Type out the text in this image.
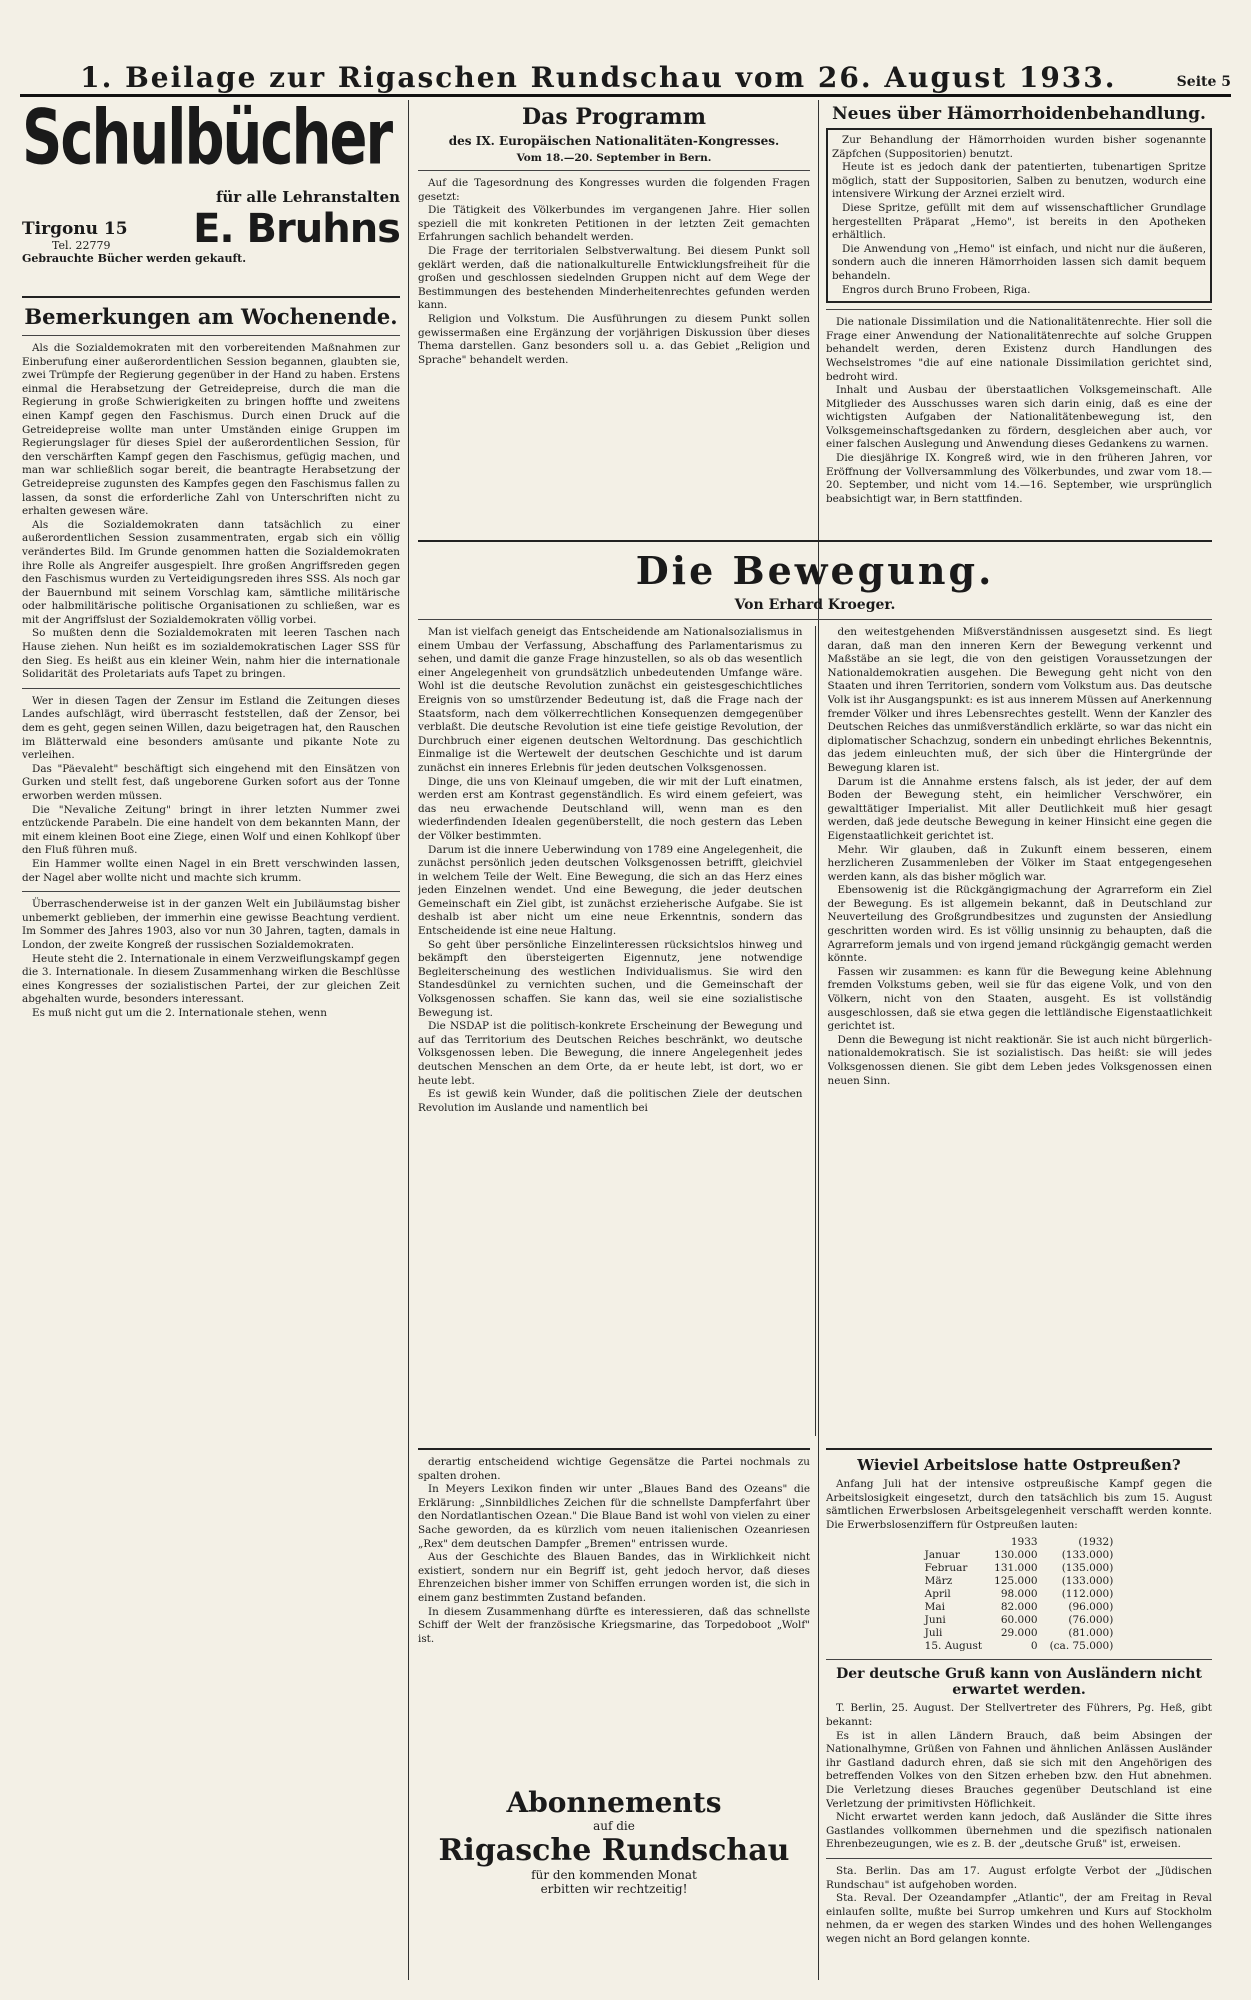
1. Beilage zur Rigaschen Rundschau vom 26. August 1933.	Seite 5
Schulbücher
für alle Lehranstalten
Tirgonu 15
Tel. 22779	E. Bruhns
Gebrauchte Bücher werden gekauft.
Bemerkungen am Wochenende.

Als die Sozialdemokraten mit den vorbereitenden Maßnahmen zur Einberufung einer außerordentlichen Session begannen, glaubten sie, zwei Trümpfe der Regierung gegenüber in der Hand zu haben. Erstens einmal die Herabsetzung der Getreidepreise, durch die man die Regierung in große Schwierigkeiten zu bringen hoffte und zweitens einen Kampf gegen den Faschismus. Durch einen Druck auf die Getreidepreise wollte man unter Umständen einige Gruppen im Regierungslager für dieses Spiel der außerordentlichen Session, für den verschärften Kampf gegen den Faschismus, gefügig machen, und man war schließlich sogar bereit, die beantragte Herabsetzung der Getreidepreise zugunsten des Kampfes gegen den Faschismus fallen zu lassen, da sonst die erforderliche Zahl von Unterschriften nicht zu erhalten gewesen wäre.

Als die Sozialdemokraten dann tatsächlich zu einer außerordentlichen Session zusammentraten, ergab sich ein völlig verändertes Bild. Im Grunde genommen hatten die Sozialdemokraten ihre Rolle als Angreifer ausgespielt. Ihre großen Angriffsreden gegen den Faschismus wurden zu Verteidigungsreden ihres SSS. Als noch gar der Bauernbund mit seinem Vorschlag kam, sämtliche militärische oder halbmilitärische politische Organisationen zu schließen, war es mit der Angriffslust der Sozialdemokraten völlig vorbei.

So mußten denn die Sozialdemokraten mit leeren Taschen nach Hause ziehen. Nun heißt es im sozialdemokratischen Lager SSS für den Sieg. Es heißt aus ein kleiner Wein, nahm hier die internationale Solidarität des Proletariats aufs Tapet zu bringen.

Wer in diesen Tagen der Zensur im Estland die Zeitungen dieses Landes aufschlägt, wird überrascht feststellen, daß der Zensor, bei dem es geht, gegen seinen Willen, dazu beigetragen hat, den Rauschen im Blätterwald eine besonders amüsante und pikante Note zu verleihen.

Das "Päevaleht" beschäftigt sich eingehend mit den Einsätzen von Gurken und stellt fest, daß ungeborene Gurken sofort aus der Tonne erworben werden müssen.

Die "Nevaliche Zeitung" bringt in ihrer letzten Nummer zwei entzückende Parabeln. Die eine handelt von dem bekannten Mann, der mit einem kleinen Boot eine Ziege, einen Wolf und einen Kohlkopf über den Fluß führen muß.

Ein Hammer wollte einen Nagel in ein Brett verschwinden lassen, der Nagel aber wollte nicht und machte sich krumm.

Überraschenderweise ist in der ganzen Welt ein Jubiläumstag bisher unbemerkt geblieben, der immerhin eine gewisse Beachtung verdient. Im Sommer des Jahres 1903, also vor nun 30 Jahren, tagten, damals in London, der zweite Kongreß der russischen Sozialdemokraten.

Heute steht die 2. Internationale in einem Verzweiflungskampf gegen die 3. Internationale. In diesem Zusammenhang wirken die Beschlüsse eines Kongresses der sozialistischen Partei, der zur gleichen Zeit abgehalten wurde, besonders interessant.

Es muß nicht gut um die 2. Internationale stehen, wenn

Das Programm
des IX. Europäischen Nationalitäten-Kongresses.
Vom 18.—20. September in Bern.

Auf die Tagesordnung des Kongresses wurden die folgenden Fragen gesetzt:

Die Tätigkeit des Völkerbundes im vergangenen Jahre. Hier sollen speziell die mit konkreten Petitionen in der letzten Zeit gemachten Erfahrungen sachlich behandelt werden.

Die Frage der territorialen Selbstverwaltung. Bei diesem Punkt soll geklärt werden, daß die nationalkulturelle Entwicklungsfreiheit für die großen und geschlossen siedelnden Gruppen nicht auf dem Wege der Bestimmungen des bestehenden Minderheitenrechtes gefunden werden kann.

Religion und Volkstum. Die Ausführungen zu diesem Punkt sollen gewissermaßen eine Ergänzung der vorjährigen Diskussion über dieses Thema darstellen. Ganz besonders soll u. a. das Gebiet „Religion und Sprache" behandelt werden.

Neues über Hämorrhoidenbehandlung.

Zur Behandlung der Hämorrhoiden wurden bisher sogenannte Zäpfchen (Suppositorien) benutzt.

Heute ist es jedoch dank der patentierten, tubenartigen Spritze möglich, statt der Suppositorien, Salben zu benutzen, wodurch eine intensivere Wirkung der Arznei erzielt wird.

Diese Spritze, gefüllt mit dem auf wissenschaftlicher Grundlage hergestellten Präparat „Hemo", ist bereits in den Apotheken erhältlich.

Die Anwendung von „Hemo" ist einfach, und nicht nur die äußeren, sondern auch die inneren Hämorrhoiden lassen sich damit bequem behandeln.

Engros durch Bruno Frobeen, Riga.

Die nationale Dissimilation und die Nationalitätenrechte. Hier soll die Frage einer Anwendung der Nationalitätenrechte auf solche Gruppen behandelt werden, deren Existenz durch Handlungen des Wechselstromes "die auf eine nationale Dissimilation gerichtet sind, bedroht wird.

Inhalt und Ausbau der überstaatlichen Volksgemeinschaft. Alle Mitglieder des Ausschusses waren sich darin einig, daß es eine der wichtigsten Aufgaben der Nationalitätenbewegung ist, den Volksgemeinschaftsgedanken zu fördern, desgleichen aber auch, vor einer falschen Auslegung und Anwendung dieses Gedankens zu warnen.

Die diesjährige IX. Kongreß wird, wie in den früheren Jahren, vor Eröffnung der Vollversammlung des Völkerbundes, und zwar vom 18.—20. September, und nicht vom 14.—16. September, wie ursprünglich beabsichtigt war, in Bern stattfinden.

Die Bewegung.
Von Erhard Kroeger.

Man ist vielfach geneigt das Entscheidende am Nationalsozialismus in einem Umbau der Verfassung, Abschaffung des Parlamentarismus zu sehen, und damit die ganze Frage hinzustellen, so als ob das wesentlich einer Angelegenheit von grundsätzlich unbedeutenden Umfange wäre. Wohl ist die deutsche Revolution zunächst ein geistesgeschichtliches Ereignis von so umstürzender Bedeutung ist, daß die Frage nach der Staatsform, nach dem völkerrechtlichen Konsequenzen demgegenüber verblaßt. Die deutsche Revolution ist eine tiefe geistige Revolution, der Durchbruch einer eigenen deutschen Weltordnung. Das geschichtlich Einmalige ist die Wertewelt der deutschen Geschichte und ist darum zunächst ein inneres Erlebnis für jeden deutschen Volksgenossen.

Dinge, die uns von Kleinauf umgeben, die wir mit der Luft einatmen, werden erst am Kontrast gegenständlich. Es wird einem gefeiert, was das neu erwachende Deutschland will, wenn man es den wiederfindenden Idealen gegenüberstellt, die noch gestern das Leben der Völker bestimmten.

Darum ist die innere Ueberwindung von 1789 eine Angelegenheit, die zunächst persönlich jeden deutschen Volksgenossen betrifft, gleichviel in welchem Teile der Welt. Eine Bewegung, die sich an das Herz eines jeden Einzelnen wendet. Und eine Bewegung, die jeder deutschen Gemeinschaft ein Ziel gibt, ist zunächst erzieherische Aufgabe. Sie ist deshalb ist aber nicht um eine neue Erkenntnis, sondern das Entscheidende ist eine neue Haltung.

So geht über persönliche Einzelinteressen rücksichtslos hinweg und bekämpft den übersteigerten Eigennutz, jene notwendige Begleiterscheinung des westlichen Individualismus. Sie wird den Standesdünkel zu vernichten suchen, und die Gemeinschaft der Volksgenossen schaffen. Sie kann das, weil sie eine sozialistische Bewegung ist.

Die NSDAP ist die politisch-konkrete Erscheinung der Bewegung und auf das Territorium des Deutschen Reiches beschränkt, wo deutsche Volksgenossen leben. Die Bewegung, die innere Angelegenheit jedes deutschen Menschen an dem Orte, da er heute lebt, ist dort, wo er heute lebt.

Es ist gewiß kein Wunder, daß die politischen Ziele der deutschen Revolution im Auslande und namentlich bei

den weitestgehenden Mißverständnissen ausgesetzt sind. Es liegt daran, daß man den inneren Kern der Bewegung verkennt und Maßstäbe an sie legt, die von den geistigen Voraussetzungen der Nationaldemokratien ausgehen. Die Bewegung geht nicht von den Staaten und ihren Territorien, sondern vom Volkstum aus. Das deutsche Volk ist ihr Ausgangspunkt: es ist aus innerem Müssen auf Anerkennung fremder Völker und ihres Lebensrechtes gestellt. Wenn der Kanzler des Deutschen Reiches das unmißverständlich erklärte, so war das nicht ein diplomatischer Schachzug, sondern ein unbedingt ehrliches Bekenntnis, das jedem einleuchten muß, der sich über die Hintergründe der Bewegung klaren ist.

Darum ist die Annahme erstens falsch, als ist jeder, der auf dem Boden der Bewegung steht, ein heimlicher Verschwörer, ein gewalttätiger Imperialist. Mit aller Deutlichkeit muß hier gesagt werden, daß jede deutsche Bewegung in keiner Hinsicht eine gegen die Eigenstaatlichkeit gerichtet ist.

Mehr. Wir glauben, daß in Zukunft einem besseren, einem herzlicheren Zusammenleben der Völker im Staat entgegengesehen werden kann, als das bisher möglich war.

Ebensowenig ist die Rückgängigmachung der Agrarreform ein Ziel der Bewegung. Es ist allgemein bekannt, daß in Deutschland zur Neuverteilung des Großgrundbesitzes und zugunsten der Ansiedlung geschritten worden wird. Es ist völlig unsinnig zu behaupten, daß die Agrarreform jemals und von irgend jemand rückgängig gemacht werden könnte.

Fassen wir zusammen: es kann für die Bewegung keine Ablehnung fremden Volkstums geben, weil sie für das eigene Volk, und von den Völkern, nicht von den Staaten, ausgeht. Es ist vollständig ausgeschlossen, daß sie etwa gegen die lettländische Eigenstaatlichkeit gerichtet ist.

Denn die Bewegung ist nicht reaktionär. Sie ist auch nicht bürgerlich-nationaldemokratisch. Sie ist sozialistisch. Das heißt: sie will jedes Volksgenossen dienen. Sie gibt dem Leben jedes Volksgenossen einen neuen Sinn.

derartig entscheidend wichtige Gegensätze die Partei nochmals zu spalten drohen.

In Meyers Lexikon finden wir unter „Blaues Band des Ozeans" die Erklärung: „Sinnbildliches Zeichen für die schnellste Dampferfahrt über den Nordatlantischen Ozean." Die Blaue Band ist wohl von vielen zu einer Sache geworden, da es kürzlich vom neuen italienischen Ozeanriesen „Rex" dem deutschen Dampfer „Bremen" entrissen wurde.

Aus der Geschichte des Blauen Bandes, das in Wirklichkeit nicht existiert, sondern nur ein Begriff ist, geht jedoch hervor, daß dieses Ehrenzeichen bisher immer von Schiffen errungen worden ist, die sich in einem ganz bestimmten Zustand befanden.

In diesem Zusammenhang dürfte es interessieren, daß das schnellste Schiff der Welt der französische Kriegsmarine, das Torpedoboot „Wolf" ist.

Abonnements
auf die
Rigasche Rundschau
für den kommenden Monat
erbitten wir rechtzeitig!
Wieviel Arbeitslose hatte Ostpreußen?

Anfang Juli hat der intensive ostpreußische Kampf gegen die Arbeitslosigkeit eingesetzt, durch den tatsächlich bis zum 15. August sämtlichen Erwerbslosen Arbeitsgelegenheit verschafft werden konnte. Die Erwerbslosenziffern für Ostpreußen lauten:

	1933	(1932)
Januar	130.000	(133.000)
Februar	131.000	(135.000)
März	125.000	(133.000)
April	98.000	(112.000)
Mai	82.000	(96.000)
Juni	60.000	(76.000)
Juli	29.000	(81.000)
15. August	0	(ca. 75.000)
Der deutsche Gruß kann von Ausländern nicht erwartet werden.

T. Berlin, 25. August. Der Stellvertreter des Führers, Pg. Heß, gibt bekannt:

Es ist in allen Ländern Brauch, daß beim Absingen der Nationalhymne, Grüßen von Fahnen und ähnlichen Anlässen Ausländer ihr Gastland dadurch ehren, daß sie sich mit den Angehörigen des betreffenden Volkes von den Sitzen erheben bzw. den Hut abnehmen. Die Verletzung dieses Brauches gegenüber Deutschland ist eine Verletzung der primitivsten Höflichkeit.

Nicht erwartet werden kann jedoch, daß Ausländer die Sitte ihres Gastlandes vollkommen übernehmen und die spezifisch nationalen Ehrenbezeugungen, wie es z. B. der „deutsche Gruß" ist, erweisen.

Sta. Berlin. Das am 17. August erfolgte Verbot der „Jüdischen Rundschau" ist aufgehoben worden.

Sta. Reval. Der Ozeandampfer „Atlantic", der am Freitag in Reval einlaufen sollte, mußte bei Surrop umkehren und Kurs auf Stockholm nehmen, da er wegen des starken Windes und des hohen Wellenganges wegen nicht an Bord gelangen konnte.
